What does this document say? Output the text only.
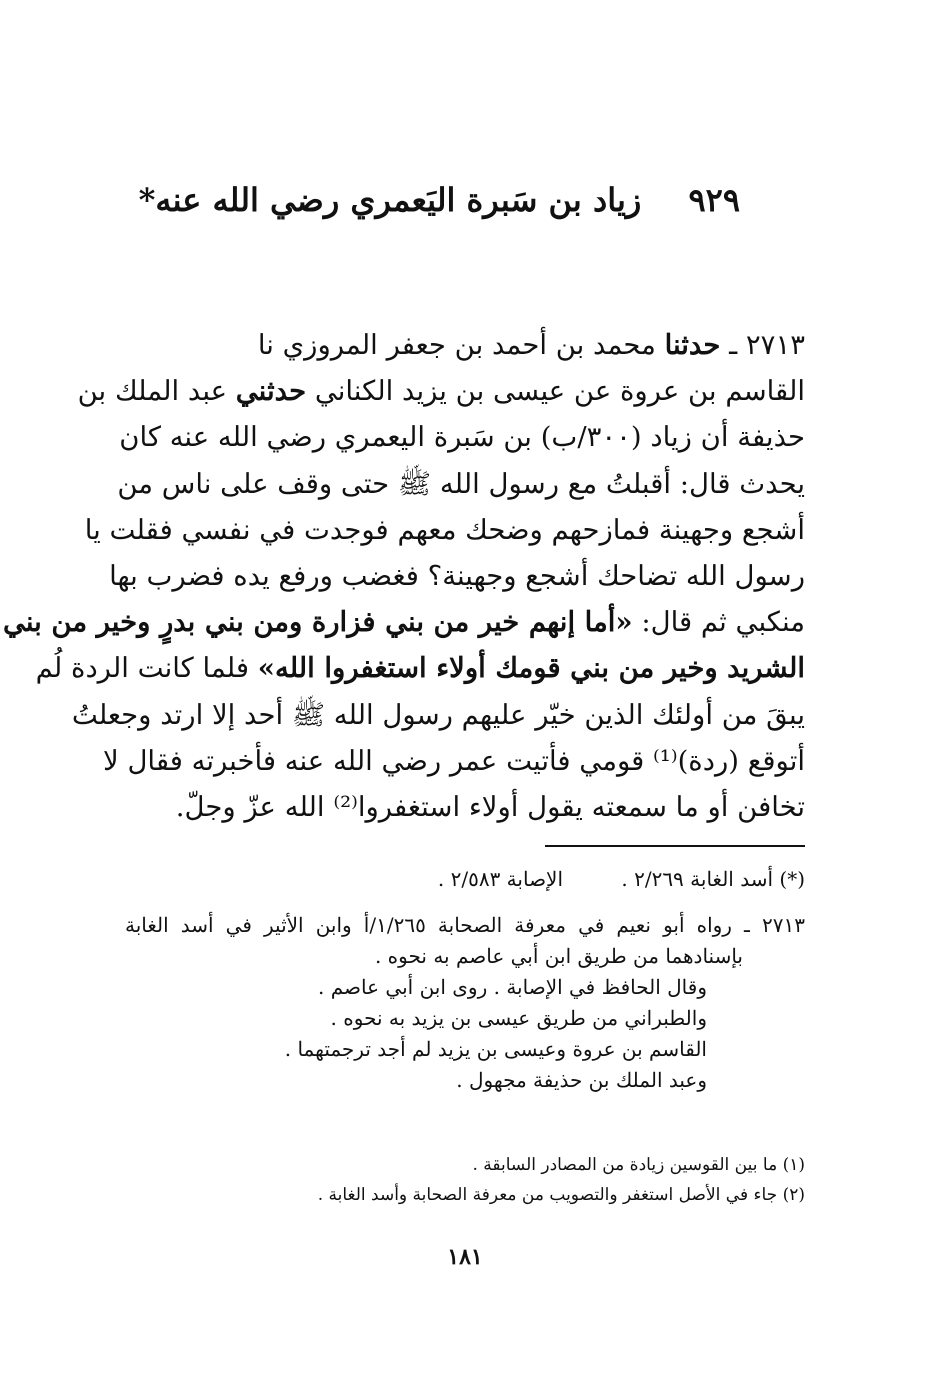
٩٢٩ زياد بن سَبرة اليَعمري رضي الله عنه*
٢٧١٣ ـ حدثنا محمد بن أحمد بن جعفر المروزي نا
القاسم بن عروة عن عيسى بن يزيد الكناني حدثني عبد الملك بن
حذيفة أن زياد (٣٠٠/ب) بن سَبرة اليعمري رضي الله عنه كان
يحدث قال: أقبلتُ مع رسول الله ﷺ حتى وقف على ناس من
أشجع وجهينة فمازحهم وضحك معهم فوجدت في نفسي فقلت يا
رسول الله تضاحك أشجع وجهينة؟ فغضب ورفع يده فضرب بها
منكبي ثم قال: «أما إنهم خير من بني فزارة ومن بني بدرٍ وخير من بني
الشريد وخير من بني قومك أولاء استغفروا الله» فلما كانت الردة لُم
يبقَ من أولئك الذين خيّر عليهم رسول الله ﷺ أحد إلا ارتد وجعلتُ
أتوقع (ردة)⁽¹⁾ قومي فأتيت عمر رضي الله عنه فأخبرته فقال لا
تخافن أو ما سمعته يقول أولاء استغفروا⁽²⁾ الله عزّ وجلّ.
(*) أسد الغابة ٢/٢٦٩ . الإصابة ٢/٥٨٣ .
٢٧١٣ ـ رواه أبو نعيم في معرفة الصحابة ١/٢٦٥/أ وابن الأثير في أسد الغابة
بإسنادهما من طريق ابن أبي عاصم به نحوه .
وقال الحافظ في الإصابة . روى ابن أبي عاصم .
والطبراني من طريق عيسى بن يزيد به نحوه .
القاسم بن عروة وعيسى بن يزيد لم أجد ترجمتهما .
وعبد الملك بن حذيفة مجهول .
(١) ما بين القوسين زيادة من المصادر السابقة .
(٢) جاء في الأصل استغفر والتصويب من معرفة الصحابة وأسد الغابة .
١٨١
